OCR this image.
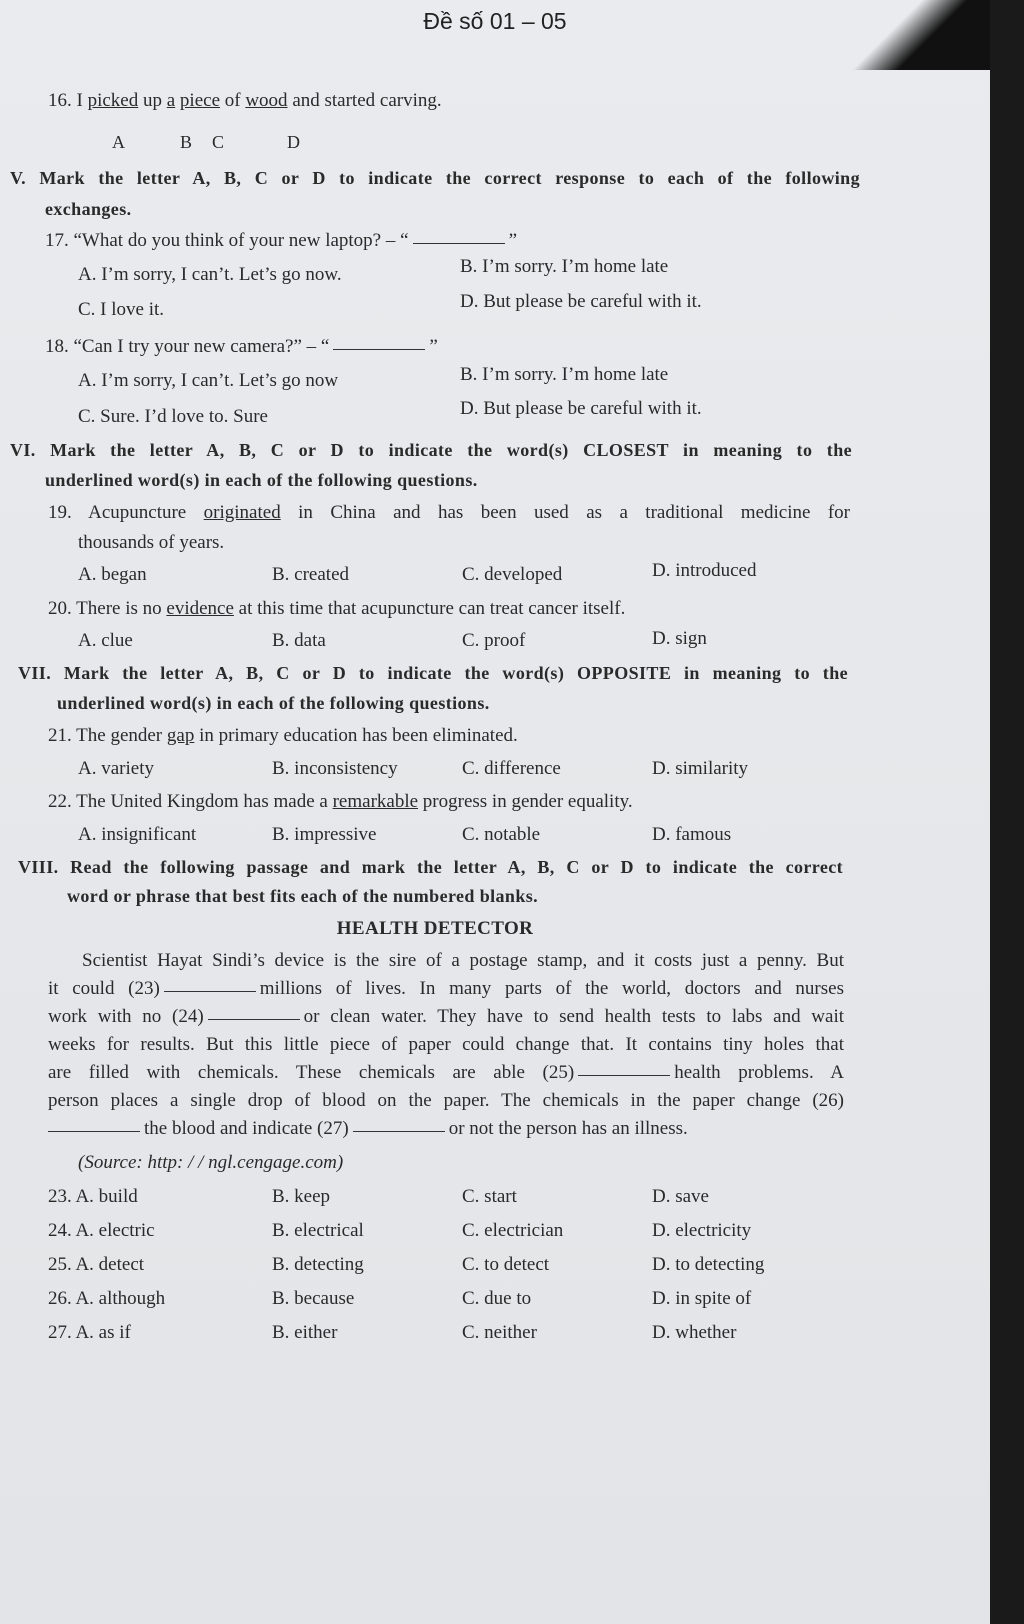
Đề số 01 – 05
16. I picked up a piece of wood and started carving.
A	B C	D
V. Mark the letter A, B, C or D to indicate the correct response to each of the following
exchanges.
17. “What do you think of your new laptop? – “	”
A. I’m sorry, I can’t. Let’s go now.	B. I’m sorry. I’m home late
C. I love it.	D. But please be careful with it.
18. “Can I try your new camera?” – “	”
A. I’m sorry, I can’t. Let’s go now	B. I’m sorry. I’m home late
C. Sure. I’d love to. Sure	D. But please be careful with it.
VI. Mark the letter A, B, C or D to indicate the word(s) CLOSEST in meaning to the
underlined word(s) in each of the following questions.
19. Acupuncture originated in China and has been used as a traditional medicine for
thousands of years.
A. began	B. created	C. developed	D. introduced
20. There is no evidence at this time that acupuncture can treat cancer itself.
A. clue	B. data	C. proof	D. sign
VII. Mark the letter A, B, C or D to indicate the word(s) OPPOSITE in meaning to the
underlined word(s) in each of the following questions.
21. The gender gap in primary education has been eliminated.
A. variety	B. inconsistency	C. difference	D. similarity
22. The United Kingdom has made a remarkable progress in gender equality.
A. insignificant	B. impressive	C. notable	D. famous
VIII. Read the following passage and mark the letter A, B, C or D to indicate the correct
word or phrase that best fits each of the numbered blanks.
HEALTH DETECTOR
Scientist Hayat Sindi’s device is the sire of a postage stamp, and it costs just a penny. But
it could (23)	millions of lives. In many parts of the world, doctors and nurses
work with no (24)	or clean water. They have to send health tests to labs and wait
weeks for results. But this little piece of paper could change that. It contains tiny holes that
are filled with chemicals. These chemicals are able (25)	health problems. A
person places a single drop of blood on the paper. The chemicals in the paper change (26)
the blood and indicate (27)	or not the person has an illness.
(Source: http: / / ngl.cengage.com)
23. A. build	B. keep	C. start	D. save
24. A. electric	B. electrical	C. electrician	D. electricity
25. A. detect	B. detecting	C. to detect	D. to detecting
26. A. although	B. because	C. due to	D. in spite of
27. A. as if	B. either	C. neither	D. whether
